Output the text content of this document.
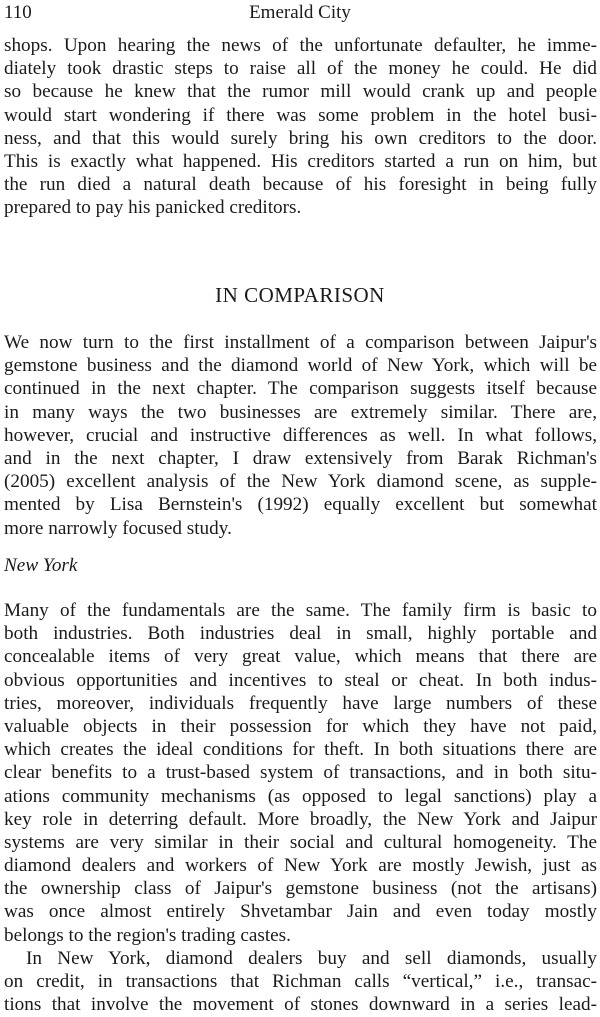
110	Emerald City
shops. Upon hearing the news of the unfortunate defaulter, he imme-
diately took drastic steps to raise all of the money he could. He did
so because he knew that the rumor mill would crank up and people
would start wondering if there was some problem in the hotel busi-
ness, and that this would surely bring his own creditors to the door.
This is exactly what happened. His creditors started a run on him, but
the run died a natural death because of his foresight in being fully
prepared to pay his panicked creditors.
IN COMPARISON
We now turn to the first installment of a comparison between Jaipur's
gemstone business and the diamond world of New York, which will be
continued in the next chapter. The comparison suggests itself because
in many ways the two businesses are extremely similar. There are,
however, crucial and instructive differences as well. In what follows,
and in the next chapter, I draw extensively from Barak Richman's
(2005) excellent analysis of the New York diamond scene, as supple-
mented by Lisa Bernstein's (1992) equally excellent but somewhat
more narrowly focused study.
New York
Many of the fundamentals are the same. The family firm is basic to
both industries. Both industries deal in small, highly portable and
concealable items of very great value, which means that there are
obvious opportunities and incentives to steal or cheat. In both indus-
tries, moreover, individuals frequently have large numbers of these
valuable objects in their possession for which they have not paid,
which creates the ideal conditions for theft. In both situations there are
clear benefits to a trust-based system of transactions, and in both situ-
ations community mechanisms (as opposed to legal sanctions) play a
key role in deterring default. More broadly, the New York and Jaipur
systems are very similar in their social and cultural homogeneity. The
diamond dealers and workers of New York are mostly Jewish, just as
the ownership class of Jaipur's gemstone business (not the artisans)
was once almost entirely Shvetambar Jain and even today mostly
belongs to the region's trading castes.
In New York, diamond dealers buy and sell diamonds, usually
on credit, in transactions that Richman calls “vertical,” i.e., transac-
tions that involve the movement of stones downward in a series lead-
